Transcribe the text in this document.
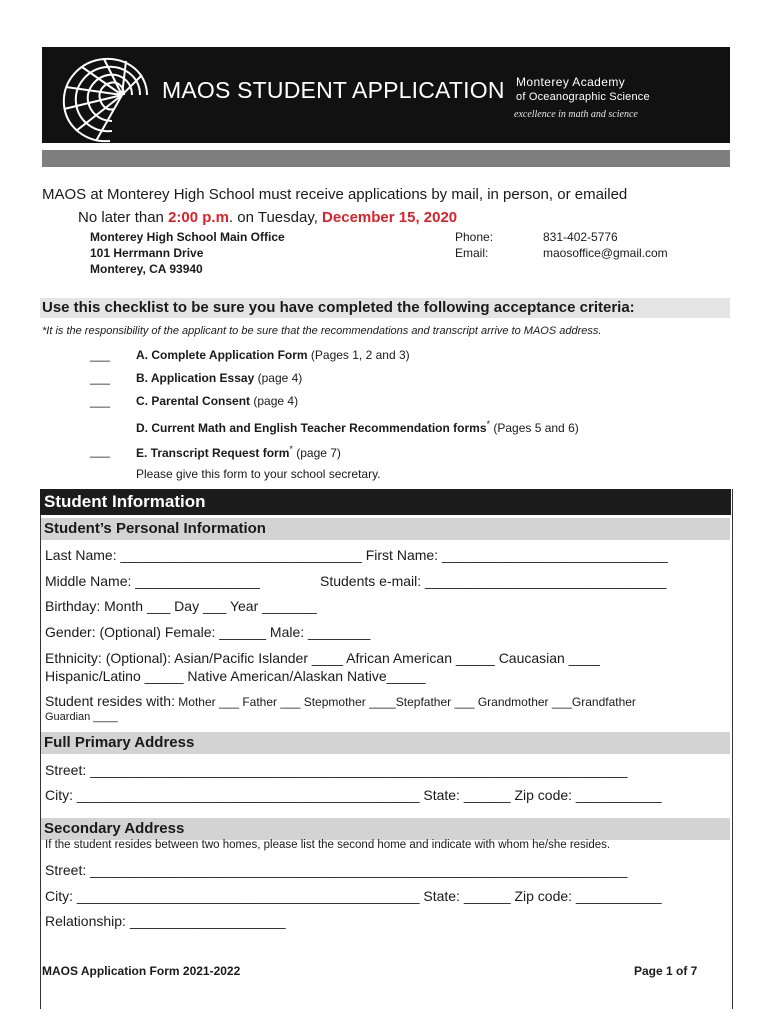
MAOS STUDENT APPLICATION Monterey Academy
of Oceanographic Science
excellence in math and science
MAOS at Monterey High School must receive applications by mail, in person, or emailed
No later than 2:00 p.m. on Tuesday, December 15, 2020
Monterey High School Main Office
101 Herrmann Drive
Monterey, CA 93940
Phone:
Email:
831-402-5776
maosoffice@gmail.com
Use this checklist to be sure you have completed the following acceptance criteria:
*It is the responsibility of the applicant to be sure that the recommendations and transcript arrive to MAOS address.
___ A. Complete Application Form (Pages 1, 2 and 3)
___ B. Application Essay (page 4)
___ C. Parental Consent (page 4)
D. Current Math and English Teacher Recommendation forms* (Pages 5 and 6)
___ E. Transcript Request form* (page 7)
Please give this form to your school secretary.
Student Information
Student’s Personal Information
Last Name: _______________________________ First Name: _____________________________
Middle Name: ________________	Students e-mail: _______________________________
Birthday: Month ___ Day ___ Year _______
Gender: (Optional) Female: ______ Male: ________
Ethnicity: (Optional): Asian/Pacific Islander ____ African American _____ Caucasian ____
Hispanic/Latino _____ Native American/Alaskan Native_____
Student resides with: Mother ___ Father ___ Stepmother ____Stepfather ___ Grandmother ___Grandfather
Guardian ____
Full Primary Address
Street: _____________________________________________________________________
City: ____________________________________________ State: ______ Zip code: ___________
Secondary Address
If the student resides between two homes, please list the second home and indicate with whom he/she resides.
Street: _____________________________________________________________________
City: ____________________________________________ State: ______ Zip code: ___________
Relationship: ____________________
MAOS Application Form 2021-2022	Page 1 of 7
